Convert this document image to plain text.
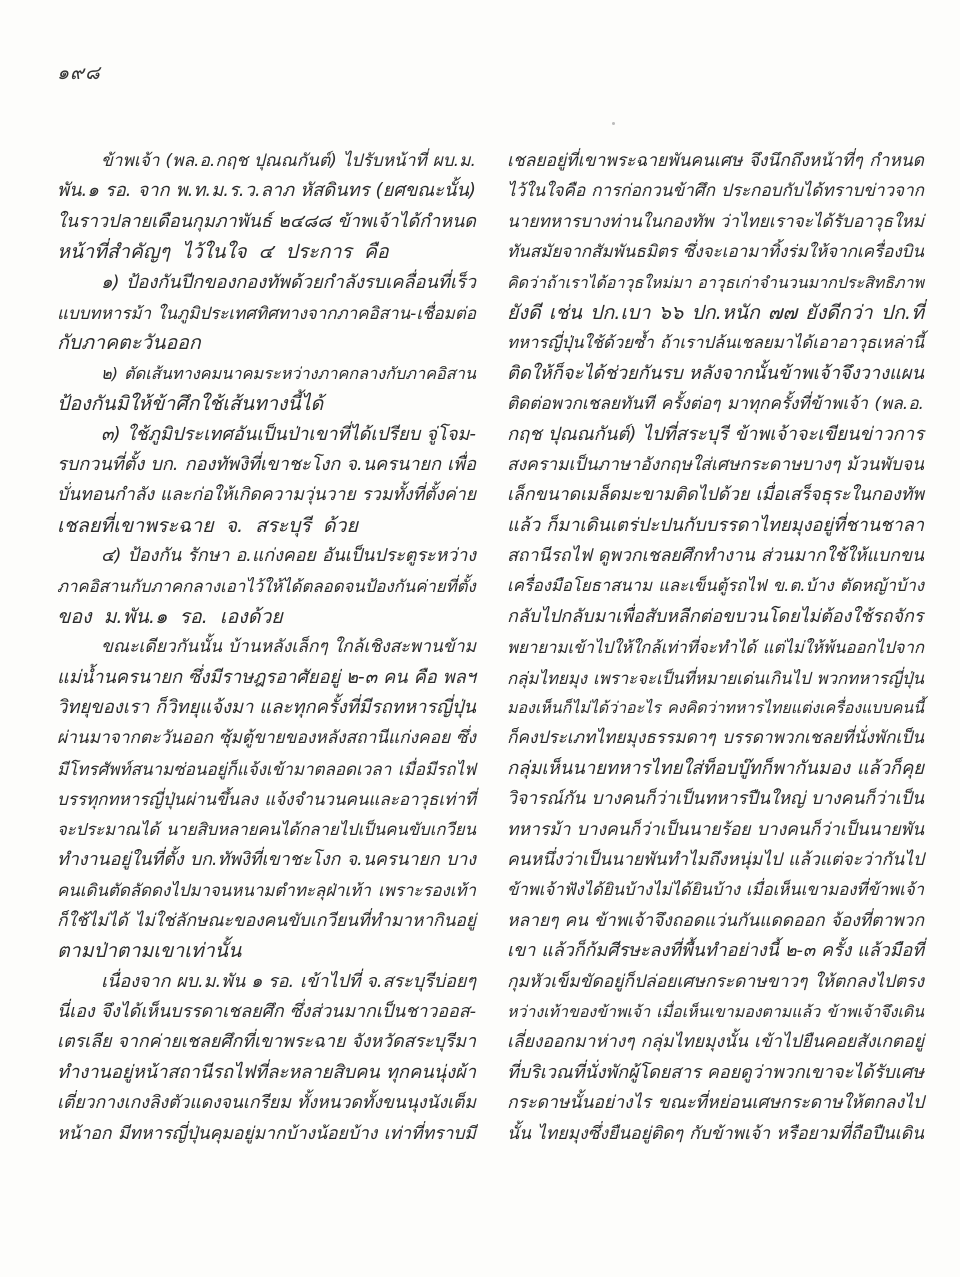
๑๙๘
ข้าพเจ้า (พล.อ.กฤช ปุณณกันต์) ไปรับหน้าที่ ผบ.ม.
พัน.๑ รอ. จาก พ.ท.ม.ร.ว.ลาภ หัสดินทร (ยศขณะนั้น)
ในราวปลายเดือนกุมภาพันธ์ ๒๔๘๘ ข้าพเจ้าได้กำหนด
หน้าที่สำคัญๆ ไว้ในใจ ๔ ประการ คือ
๑) ป้องกันปีกของกองทัพด้วยกำลังรบเคลื่อนที่เร็ว
แบบทหารม้า ในภูมิประเทศทิศทางจากภาคอิสาน-เชื่อมต่อ
กับภาคตะวันออก
๒) ตัดเส้นทางคมนาคมระหว่างภาคกลางกับภาคอิสาน
ป้องกันมิให้ข้าศึกใช้เส้นทางนี้ได้
๓) ใช้ภูมิประเทศอันเป็นป่าเขาที่ได้เปรียบ จู่โจม-
รบกวนที่ตั้ง บก. กองทัพงิที่เขาชะโงก จ.นครนายก เพื่อ
บั่นทอนกำลัง และก่อให้เกิดความวุ่นวาย รวมทั้งที่ตั้งค่าย
เชลยที่เขาพระฉาย จ. สระบุรี ด้วย
๔) ป้องกัน รักษา อ.แก่งคอย อันเป็นประตูระหว่าง
ภาคอิสานกับภาคกลางเอาไว้ให้ได้ตลอดจนป้องกันค่ายที่ตั้ง
ของ ม.พัน.๑ รอ. เองด้วย
ขณะเดียวกันนั้น บ้านหลังเล็กๆ ใกล้เชิงสะพานข้าม
แม่น้ำนครนายก ซึ่งมีราษฎรอาศัยอยู่ ๒-๓ คน คือ พลฯ
วิทยุของเรา ก็วิทยุแจ้งมา และทุกครั้งที่มีรถทหารญี่ปุ่น
ผ่านมาจากตะวันออก ซุ้มตู้ขายของหลังสถานีแก่งคอย ซึ่ง
มีโทรศัพท์สนามซ่อนอยู่ก็แจ้งเข้ามาตลอดเวลา เมื่อมีรถไฟ
บรรทุกทหารญี่ปุ่นผ่านขึ้นลง แจ้งจำนวนคนและอาวุธเท่าที่
จะประมาณได้ นายสิบหลายคนได้กลายไปเป็นคนขับเกวียน
ทำงานอยู่ในที่ตั้ง บก.ทัพงิที่เขาชะโงก จ.นครนายก บาง
คนเดินตัดลัดดงไปมาจนหนามตำทะลุฝ่าเท้า เพราะรองเท้า
ก็ใช้ไม่ได้ ไม่ใช่ลักษณะของคนขับเกวียนที่ทำมาหากินอยู่
ตามป่าตามเขาเท่านั้น
เนื่องจาก ผบ.ม.พัน ๑ รอ. เข้าไปที่ จ.สระบุรีบ่อยๆ
นี่เอง จึงได้เห็นบรรดาเชลยศึก ซึ่งส่วนมากเป็นชาวออส-
เตรเลีย จากค่ายเชลยศึกที่เขาพระฉาย จังหวัดสระบุรีมา
ทำงานอยู่หน้าสถานีรถไฟที่ละหลายสิบคน ทุกคนนุ่งผ้า
เตี่ยวกางเกงลิงตัวแดงจนเกรียม ทั้งหนวดทั้งขนนุงนังเต็ม
หน้าอก มีทหารญี่ปุ่นคุมอยู่มากบ้างน้อยบ้าง เท่าที่ทราบมี
เชลยอยู่ที่เขาพระฉายพันคนเศษ จึงนึกถึงหน้าที่ๆ กำหนด
ไว้ในใจคือ การก่อกวนข้าศึก ประกอบกับได้ทราบข่าวจาก
นายทหารบางท่านในกองทัพ ว่าไทยเราจะได้รับอาวุธใหม่
ทันสมัยจากสัมพันธมิตร ซึ่งจะเอามาทิ้งร่มให้จากเครื่องบิน
คิดว่าถ้าเราได้อาวุธใหม่มา อาวุธเก่าจำนวนมากประสิทธิภาพ
ยังดี เช่น ปก.เบา ๖๖ ปก.หนัก ๗๗ ยังดีกว่า ปก.ที่
ทหารญี่ปุ่นใช้ด้วยซ้ำ ถ้าเราปล้นเชลยมาได้เอาอาวุธเหล่านี้
ติดให้ก็จะได้ช่วยกันรบ หลังจากนั้นข้าพเจ้าจึงวางแผน
ติดต่อพวกเชลยทันที ครั้งต่อๆ มาทุกครั้งที่ข้าพเจ้า (พล.อ.
กฤช ปุณณกันต์) ไปที่สระบุรี ข้าพเจ้าจะเขียนข่าวการ
สงครามเป็นภาษาอังกฤษใส่เศษกระดาษบางๆ ม้วนพับจน
เล็กขนาดเมล็ดมะขามติดไปด้วย เมื่อเสร็จธุระในกองทัพ
แล้ว ก็มาเดินเตร่ปะปนกับบรรดาไทยมุงอยู่ที่ชานชาลา
สถานีรถไฟ ดูพวกเชลยศึกทำงาน ส่วนมากใช้ให้แบกขน
เครื่องมือโยธาสนาม และเข็นตู้รถไฟ ข.ต.บ้าง ตัดหญ้าบ้าง
กลับไปกลับมาเพื่อสับหลีกต่อขบวนโดยไม่ต้องใช้รถจักร
พยายามเข้าไปให้ใกล้เท่าที่จะทำได้ แต่ไม่ให้พ้นออกไปจาก
กลุ่มไทยมุง เพราะจะเป็นที่หมายเด่นเกินไป พวกทหารญี่ปุ่น
มองเห็นก็ไม่ได้ว่าอะไร คงคิดว่าทหารไทยแต่งเครื่องแบบคนนี้
ก็คงประเภทไทยมุงธรรมดาๆ บรรดาพวกเชลยที่นั่งพักเป็น
กลุ่มเห็นนายทหารไทยใส่ท็อบบู๊ทก็พากันมอง แล้วก็คุย
วิจารณ์กัน บางคนก็ว่าเป็นทหารปืนใหญ่ บางคนก็ว่าเป็น
ทหารม้า บางคนก็ว่าเป็นนายร้อย บางคนก็ว่าเป็นนายพัน
คนหนึ่งว่าเป็นนายพันทำไมถึงหนุ่มไป แล้วแต่จะว่ากันไป
ข้าพเจ้าฟังได้ยินบ้างไม่ได้ยินบ้าง เมื่อเห็นเขามองที่ข้าพเจ้า
หลายๆ คน ข้าพเจ้าจึงถอดแว่นกันแดดออก จ้องที่ตาพวก
เขา แล้วก็ก้มศีรษะลงที่พื้นทำอย่างนี้ ๒-๓ ครั้ง แล้วมือที่
กุมหัวเข็มขัดอยู่ก็ปล่อยเศษกระดาษขาวๆ ให้ตกลงไปตรง
หว่างเท้าของข้าพเจ้า เมื่อเห็นเขามองตามแล้ว ข้าพเจ้าจึงเดิน
เลี่ยงออกมาห่างๆ กลุ่มไทยมุงนั้น เข้าไปยืนคอยสังเกตอยู่
ที่บริเวณที่นั่งพักผู้โดยสาร คอยดูว่าพวกเขาจะได้รับเศษ
กระดาษนั้นอย่างไร ขณะที่หย่อนเศษกระดาษให้ตกลงไป
นั้น ไทยมุงซึ่งยืนอยู่ติดๆ กับข้าพเจ้า หรือยามที่ถือปืนเดิน
